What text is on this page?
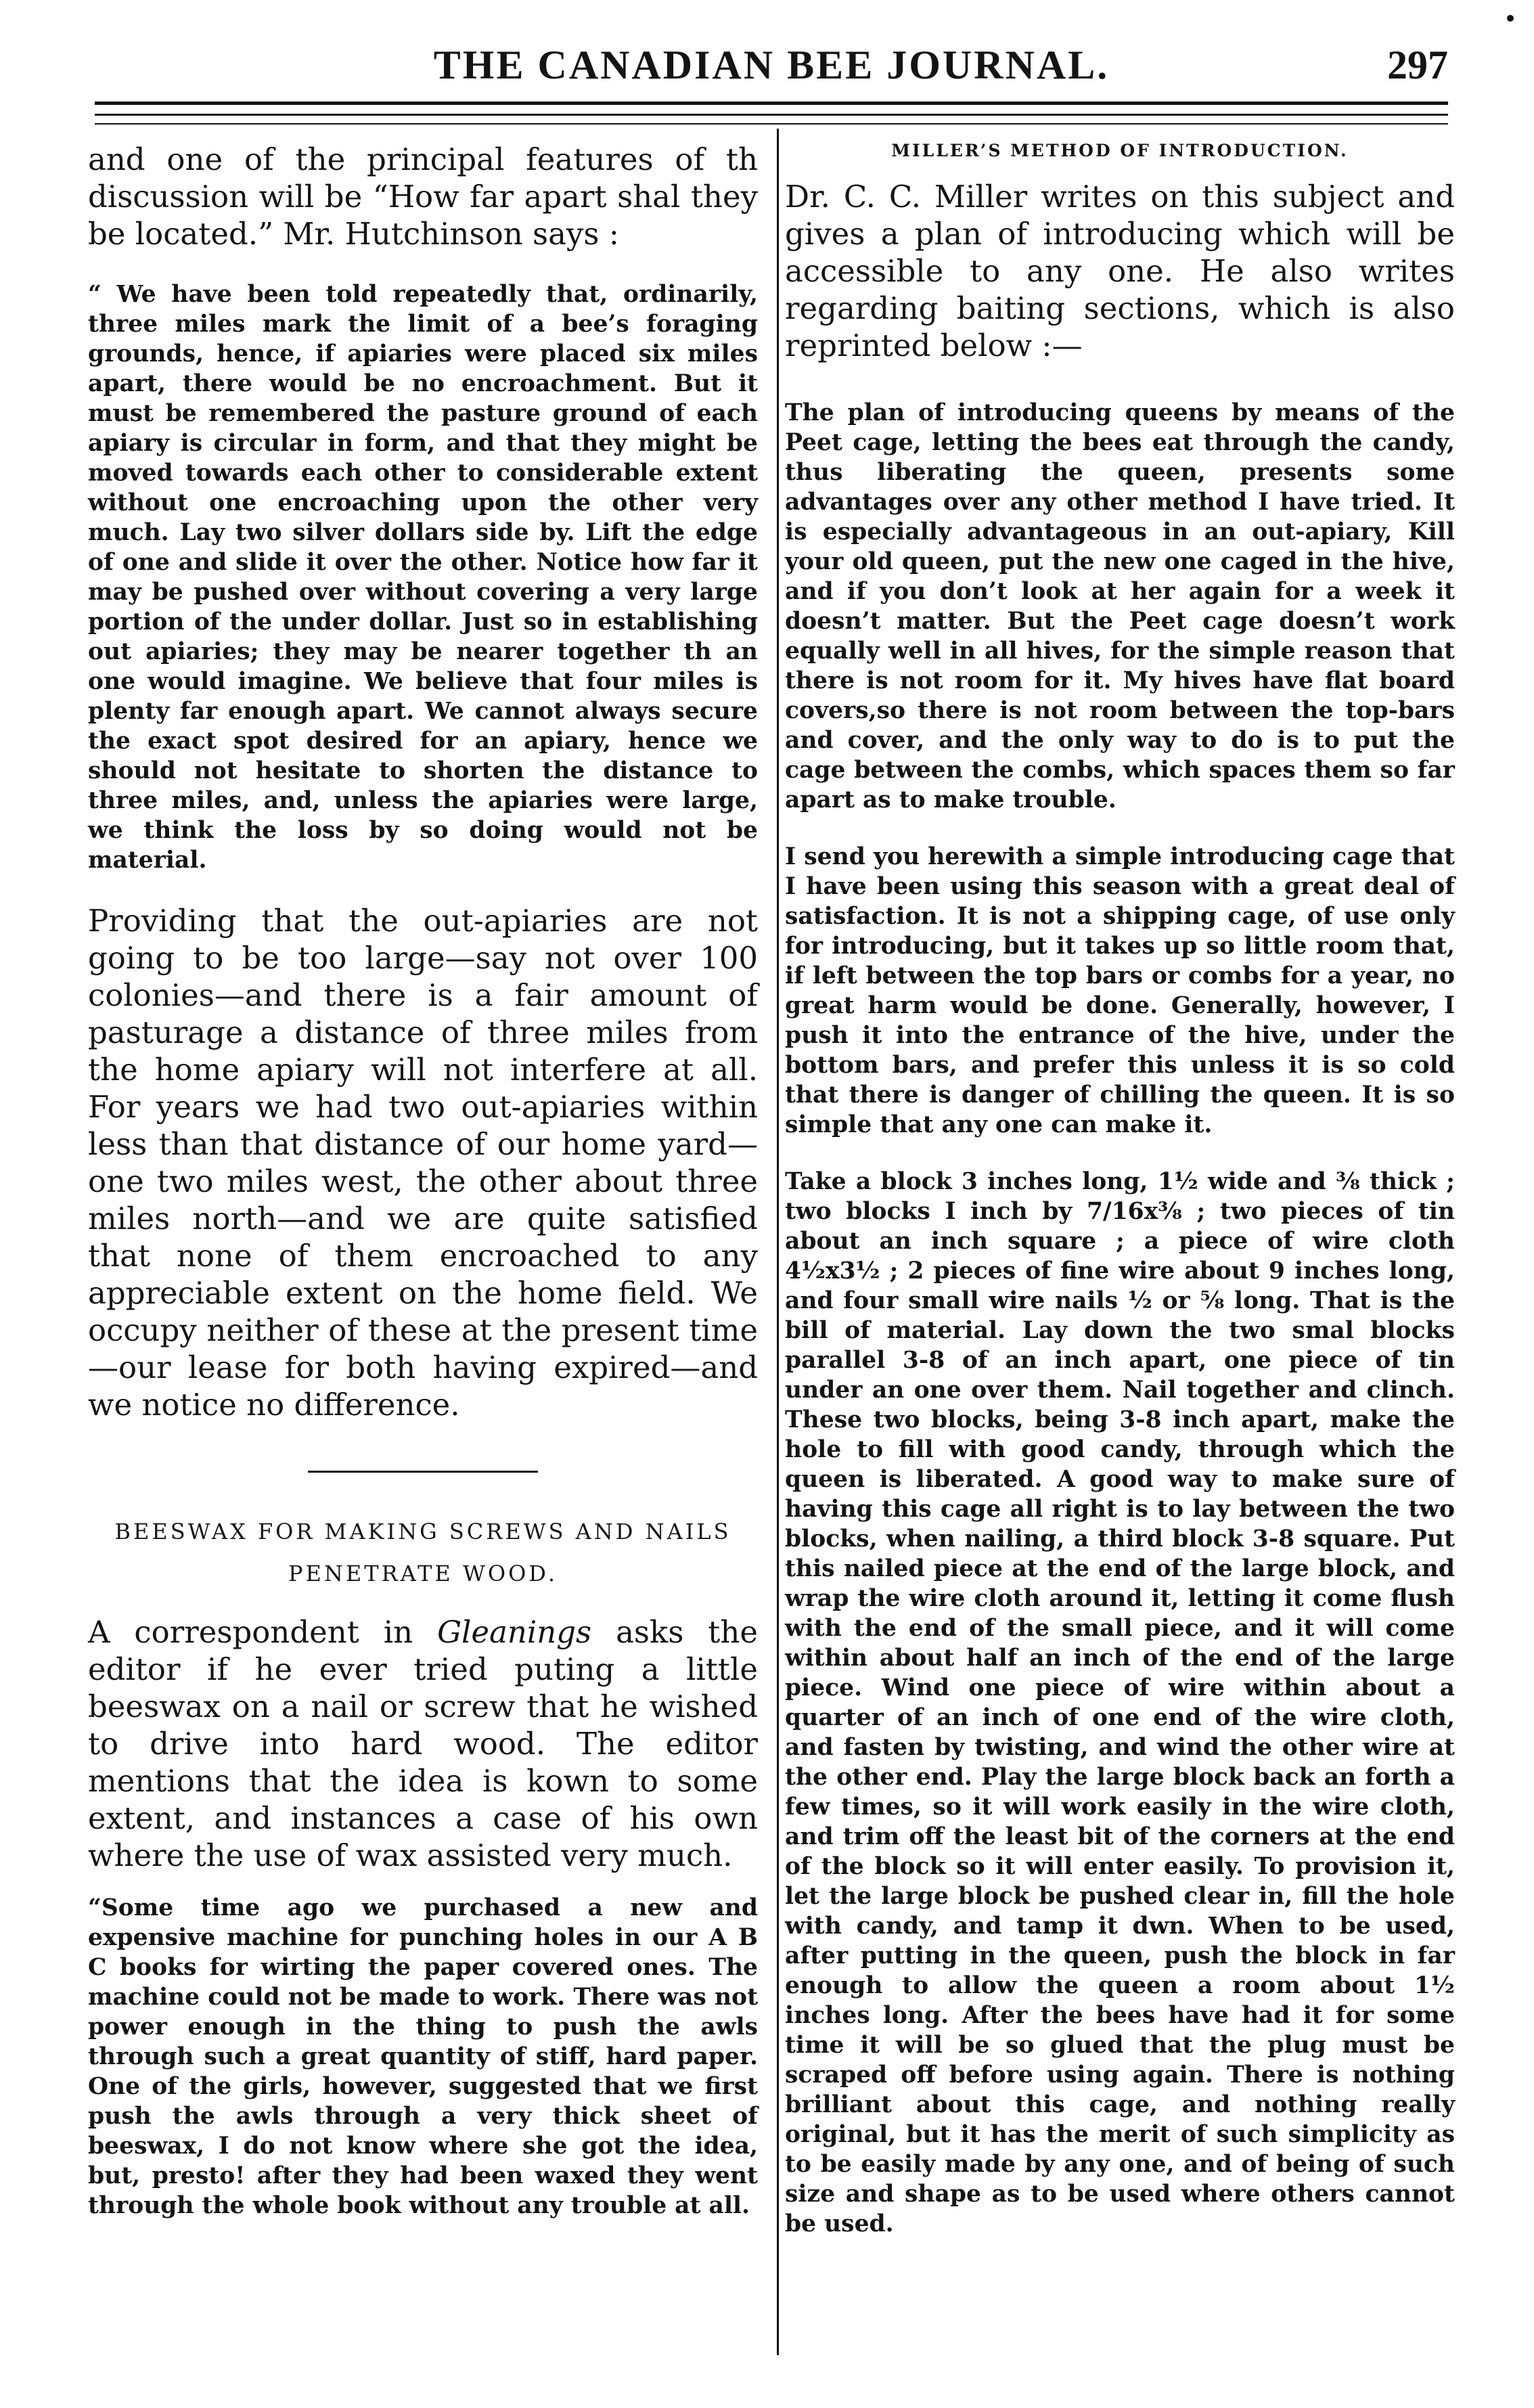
THE CANADIAN BEE JOURNAL.	297

and one of the principal features of th discussion will be “How far apart shal they be located.” Mr. Hutchinson says :

“ We have been told repeatedly that, ordinarily, three miles mark the limit of a bee’s foraging grounds, hence, if apiaries were placed six miles apart, there would be no encroachment. But it must be remembered the pasture ground of each apiary is circular in form, and that they might be moved towards each other to considerable extent without one encroaching upon the other very much. Lay two silver dollars side by. Lift the edge of one and slide it over the other. Notice how far it may be pushed over without covering a very large portion of the under dollar. Just so in establishing out apiaries; they may be nearer together th an one would imagine. We believe that four miles is plenty far enough apart. We cannot always secure the exact spot desired for an apiary, hence we should not hesitate to shorten the distance to three miles, and, unless the apiaries were large, we think the loss by so doing would not be material.

Providing that the out-apiaries are not going to be too large—say not over 100 colonies—and there is a fair amount of pasturage a distance of three miles from the home apiary will not interfere at all. For years we had two out-apiaries within less than that distance of our home yard—one two miles west, the other about three miles north—and we are quite satisfied that none of them encroached to any appreciable extent on the home field. We occupy neither of these at the present time—our lease for both having expired—and we notice no difference.

BEESWAX FOR MAKING SCREWS AND NAILS
PENETRATE WOOD.

A correspondent in Gleanings asks the editor if he ever tried puting a little beeswax on a nail or screw that he wished to drive into hard wood. The editor mentions that the idea is kown to some extent, and instances a case of his own where the use of wax assisted very much.

“Some time ago we purchased a new and expensive machine for punching holes in our A B C books for wirting the paper covered ones. The machine could not be made to work. There was not power enough in the thing to push the awls through such a great quantity of stiff, hard paper. One of the girls, however, suggested that we first push the awls through a very thick sheet of beeswax, I do not know where she got the idea, but, presto! after they had been waxed they went through the whole book without any trouble at all.

MILLER’S METHOD OF INTRODUCTION.

Dr. C. C. Miller writes on this subject and gives a plan of introducing which will be accessible to any one. He also writes regarding baiting sections, which is also reprinted below :—

The plan of introducing queens by means of the Peet cage, letting the bees eat through the candy, thus liberating the queen, presents some advantages over any other method I have tried. It is especially advantageous in an out-apiary, Kill your old queen, put the new one caged in the hive, and if you don’t look at her again for a week it doesn’t matter. But the Peet cage doesn’t work equally well in all hives, for the simple reason that there is not room for it. My hives have flat board covers,so there is not room between the top-bars and cover, and the only way to do is to put the cage between the combs, which spaces them so far apart as to make trouble.

I send you herewith a simple introducing cage that I have been using this season with a great deal of satisfaction. It is not a shipping cage, of use only for introducing, but it takes up so little room that, if left between the top bars or combs for a year, no great harm would be done. Generally, however, I push it into the entrance of the hive, under the bottom bars, and prefer this unless it is so cold that there is danger of chilling the queen. It is so simple that any one can make it.

Take a block 3 inches long, 1½ wide and ⅜ thick ; two blocks I inch by 7/16x⅜ ; two pieces of tin about an inch square ; a piece of wire cloth 4½x3½ ; 2 pieces of fine wire about 9 inches long, and four small wire nails ½ or ⅝ long. That is the bill of material. Lay down the two smal blocks parallel 3-8 of an inch apart, one piece of tin under an one over them. Nail together and clinch. These two blocks, being 3-8 inch apart, make the hole to fill with good candy, through which the queen is liberated. A good way to make sure of having this cage all right is to lay between the two blocks, when nailing, a third block 3-8 square. Put this nailed piece at the end of the large block, and wrap the wire cloth around it, letting it come flush with the end of the small piece, and it will come within about half an inch of the end of the large piece. Wind one piece of wire within about a quarter of an inch of one end of the wire cloth, and fasten by twisting, and wind the other wire at the other end. Play the large block back an forth a few times, so it will work easily in the wire cloth, and trim off the least bit of the corners at the end of the block so it will enter easily. To provision it, let the large block be pushed clear in, fill the hole with candy, and tamp it dwn. When to be used, after putting in the queen, push the block in far enough to allow the queen a room about 1½ inches long. After the bees have had it for some time it will be so glued that the plug must be scraped off before using again. There is nothing brilliant about this cage, and nothing really original, but it has the merit of such simplicity as to be easily made by any one, and of being of such size and shape as to be used where others cannot be used.
